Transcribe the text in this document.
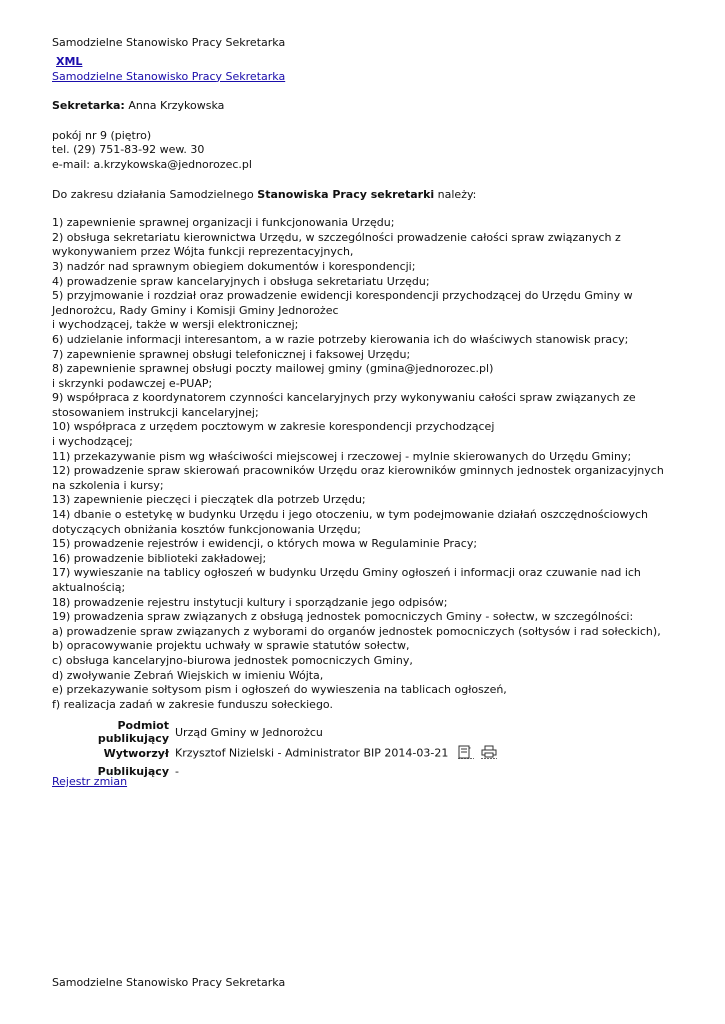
Samodzielne Stanowisko Pracy Sekretarka
XML
Samodzielne Stanowisko Pracy Sekretarka
Sekretarka: Anna Krzykowska
pokój nr 9 (piętro)
tel. (29) 751-83-92 wew. 30
e-mail: a.krzykowska@jednorozec.pl
Do zakresu działania Samodzielnego Stanowiska Pracy sekretarki należy:
1) zapewnienie sprawnej organizacji i funkcjonowania Urzędu;
2) obsługa sekretariatu kierownictwa Urzędu, w szczególności prowadzenie całości spraw związanych z wykonywaniem przez Wójta funkcji reprezentacyjnych,
3) nadzór nad sprawnym obiegiem dokumentów i korespondencji;
4) prowadzenie spraw kancelaryjnych i obsługa sekretariatu Urzędu;
5) przyjmowanie i rozdział oraz prowadzenie ewidencji korespondencji przychodzącej do Urzędu Gminy w Jednorożcu, Rady Gminy i Komisji Gminy Jednorożec
i wychodzącej, także w wersji elektronicznej;
6) udzielanie informacji interesantom, a w razie potrzeby kierowania ich do właściwych stanowisk pracy;
7) zapewnienie sprawnej obsługi telefonicznej i faksowej Urzędu;
8) zapewnienie sprawnej obsługi poczty mailowej gminy (gmina@jednorozec.pl)
i skrzynki podawczej e-PUAP;
9) współpraca z koordynatorem czynności kancelaryjnych przy wykonywaniu całości spraw związanych ze stosowaniem instrukcji kancelaryjnej;
10) współpraca z urzędem pocztowym w zakresie korespondencji przychodzącej
i wychodzącej;
11) przekazywanie pism wg właściwości miejscowej i rzeczowej - mylnie skierowanych do Urzędu Gminy;
12) prowadzenie spraw skierowań pracowników Urzędu oraz kierowników gminnych jednostek organizacyjnych na szkolenia i kursy;
13) zapewnienie pieczęci i pieczątek dla potrzeb Urzędu;
14) dbanie o estetykę w budynku Urzędu i jego otoczeniu, w tym podejmowanie działań oszczędnościowych dotyczących obniżania kosztów funkcjonowania Urzędu;
15) prowadzenie rejestrów i ewidencji, o których mowa w Regulaminie Pracy;
16) prowadzenie biblioteki zakładowej;
17) wywieszanie na tablicy ogłoszeń w budynku Urzędu Gminy ogłoszeń i informacji oraz czuwanie nad ich aktualnością;
18) prowadzenie rejestru instytucji kultury i sporządzanie jego odpisów;
19) prowadzenia spraw związanych z obsługą jednostek pomocniczych Gminy - sołectw, w szczególności:
a) prowadzenie spraw związanych z wyborami do organów jednostek pomocniczych (sołtysów i rad sołeckich),
b) opracowywanie projektu uchwały w sprawie statutów sołectw,
c) obsługa kancelaryjno-biurowa jednostek pomocniczych Gminy,
d) zwoływanie Zebrań Wiejskich w imieniu Wójta,
e) przekazywanie sołtysom pism i ogłoszeń do wywieszenia na tablicach ogłoszeń,
f) realizacja zadań w zakresie funduszu sołeckiego.
Podmiot publikujący	Urząd Gminy w Jednorożcu
Wytworzył	Krzysztof Nizielski - Administrator BIP 2014-03-21 F

Publikujący	-
Rejestr zmian
Samodzielne Stanowisko Pracy Sekretarka
